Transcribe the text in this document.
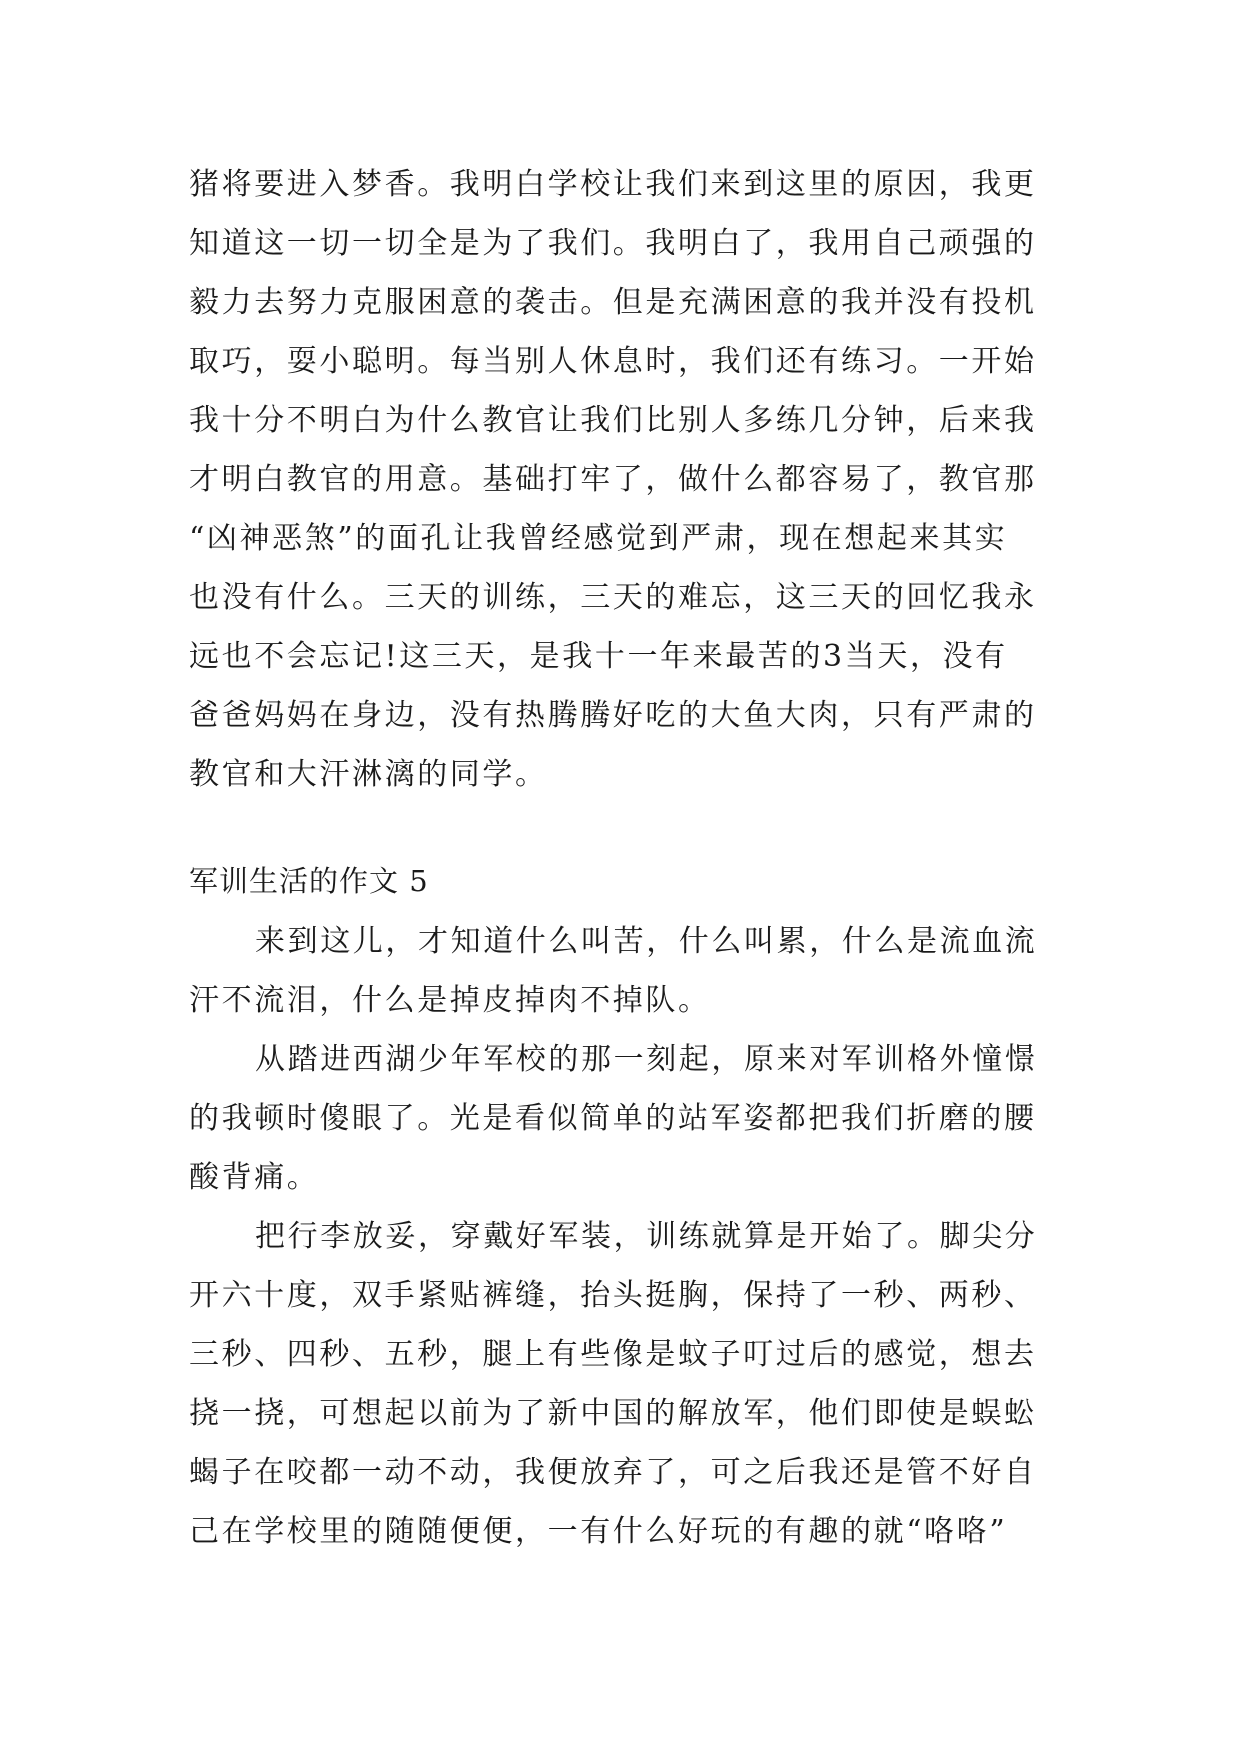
猪将要进入梦香。我明白学校让我们来到这里的原因，我更
知道这一切一切全是为了我们。我明白了，我用自己顽强的
毅力去努力克服困意的袭击。但是充满困意的我并没有投机
取巧，耍小聪明。每当别人休息时，我们还有练习。一开始
我十分不明白为什么教官让我们比别人多练几分钟，后来我
才明白教官的用意。基础打牢了，做什么都容易了，教官那
“凶神恶煞”的面孔让我曾经感觉到严肃，现在想起来其实
也没有什么。三天的训练，三天的难忘，这三天的回忆我永
远也不会忘记!这三天，是我十一年来最苦的3当天，没有
爸爸妈妈在身边，没有热腾腾好吃的大鱼大肉，只有严肃的
教官和大汗淋漓的同学。
军训生活的作文 5
来到这儿，才知道什么叫苦，什么叫累，什么是流血流
汗不流泪，什么是掉皮掉肉不掉队。
从踏进西湖少年军校的那一刻起，原来对军训格外憧憬
的我顿时傻眼了。光是看似简单的站军姿都把我们折磨的腰
酸背痛。
把行李放妥，穿戴好军装，训练就算是开始了。脚尖分
开六十度，双手紧贴裤缝，抬头挺胸，保持了一秒、两秒、
三秒、四秒、五秒，腿上有些像是蚊子叮过后的感觉，想去
挠一挠，可想起以前为了新中国的解放军，他们即使是蜈蚣
蝎子在咬都一动不动，我便放弃了，可之后我还是管不好自
己在学校里的随随便便，一有什么好玩的有趣的就“咯咯”
